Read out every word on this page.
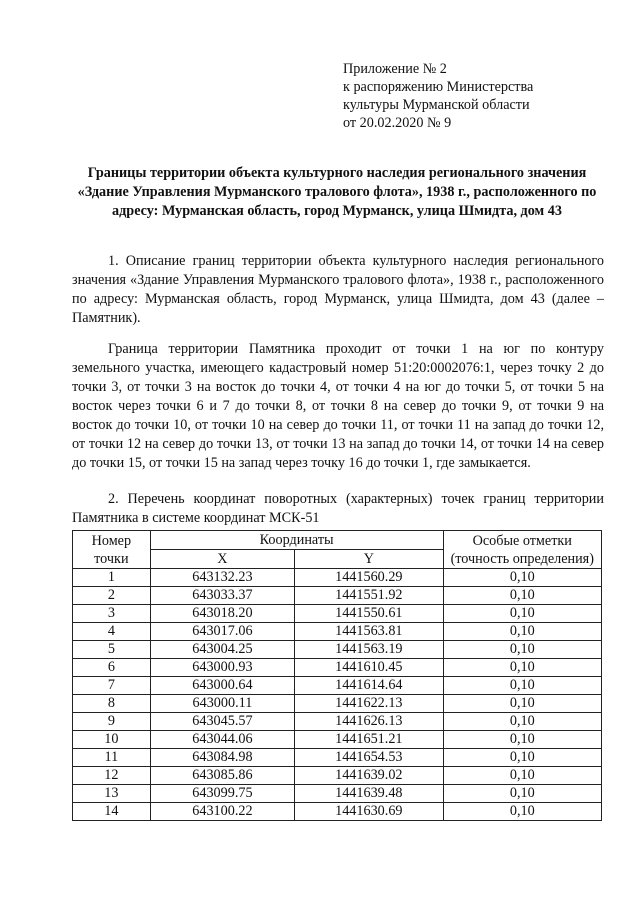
Приложение № 2
к распоряжению Министерства
культуры Мурманской области
от 20.02.2020 № 9
Границы территории объекта культурного наследия регионального значения «Здание Управления Мурманского тралового флота», 1938 г., расположенного по адресу: Мурманская область, город Мурманск, улица Шмидта, дом 43
1. Описание границ территории объекта культурного наследия регионального значения «Здание Управления Мурманского тралового флота», 1938 г., расположенного по адресу: Мурманская область, город Мурманск, улица Шмидта, дом 43 (далее – Памятник).
Граница территории Памятника проходит от точки 1 на юг по контуру земельного участка, имеющего кадастровый номер 51:20:0002076:1, через точку 2 до точки 3, от точки 3 на восток до точки 4, от точки 4 на юг до точки 5, от точки 5 на восток через точки 6 и 7 до точки 8, от точки 8 на север до точки 9, от точки 9 на восток до точки 10, от точки 10 на север до точки 11, от точки 11 на запад до точки 12, от точки 12 на север до точки 13, от точки 13 на запад до точки 14, от точки 14 на север до точки 15, от точки 15 на запад через точку 16 до точки 1, где замыкается.
2. Перечень координат поворотных (характерных) точек границ территории Памятника в системе координат МСК-51
Номер точки	Координаты		Особые отметки (точность определения)
	X	Y	
1	643132.23	1441560.29	0,10
2	643033.37	1441551.92	0,10
3	643018.20	1441550.61	0,10
4	643017.06	1441563.81	0,10
5	643004.25	1441563.19	0,10
6	643000.93	1441610.45	0,10
7	643000.64	1441614.64	0,10
8	643000.11	1441622.13	0,10
9	643045.57	1441626.13	0,10
10	643044.06	1441651.21	0,10
11	643084.98	1441654.53	0,10
12	643085.86	1441639.02	0,10
13	643099.75	1441639.48	0,10
14	643100.22	1441630.69	0,10
